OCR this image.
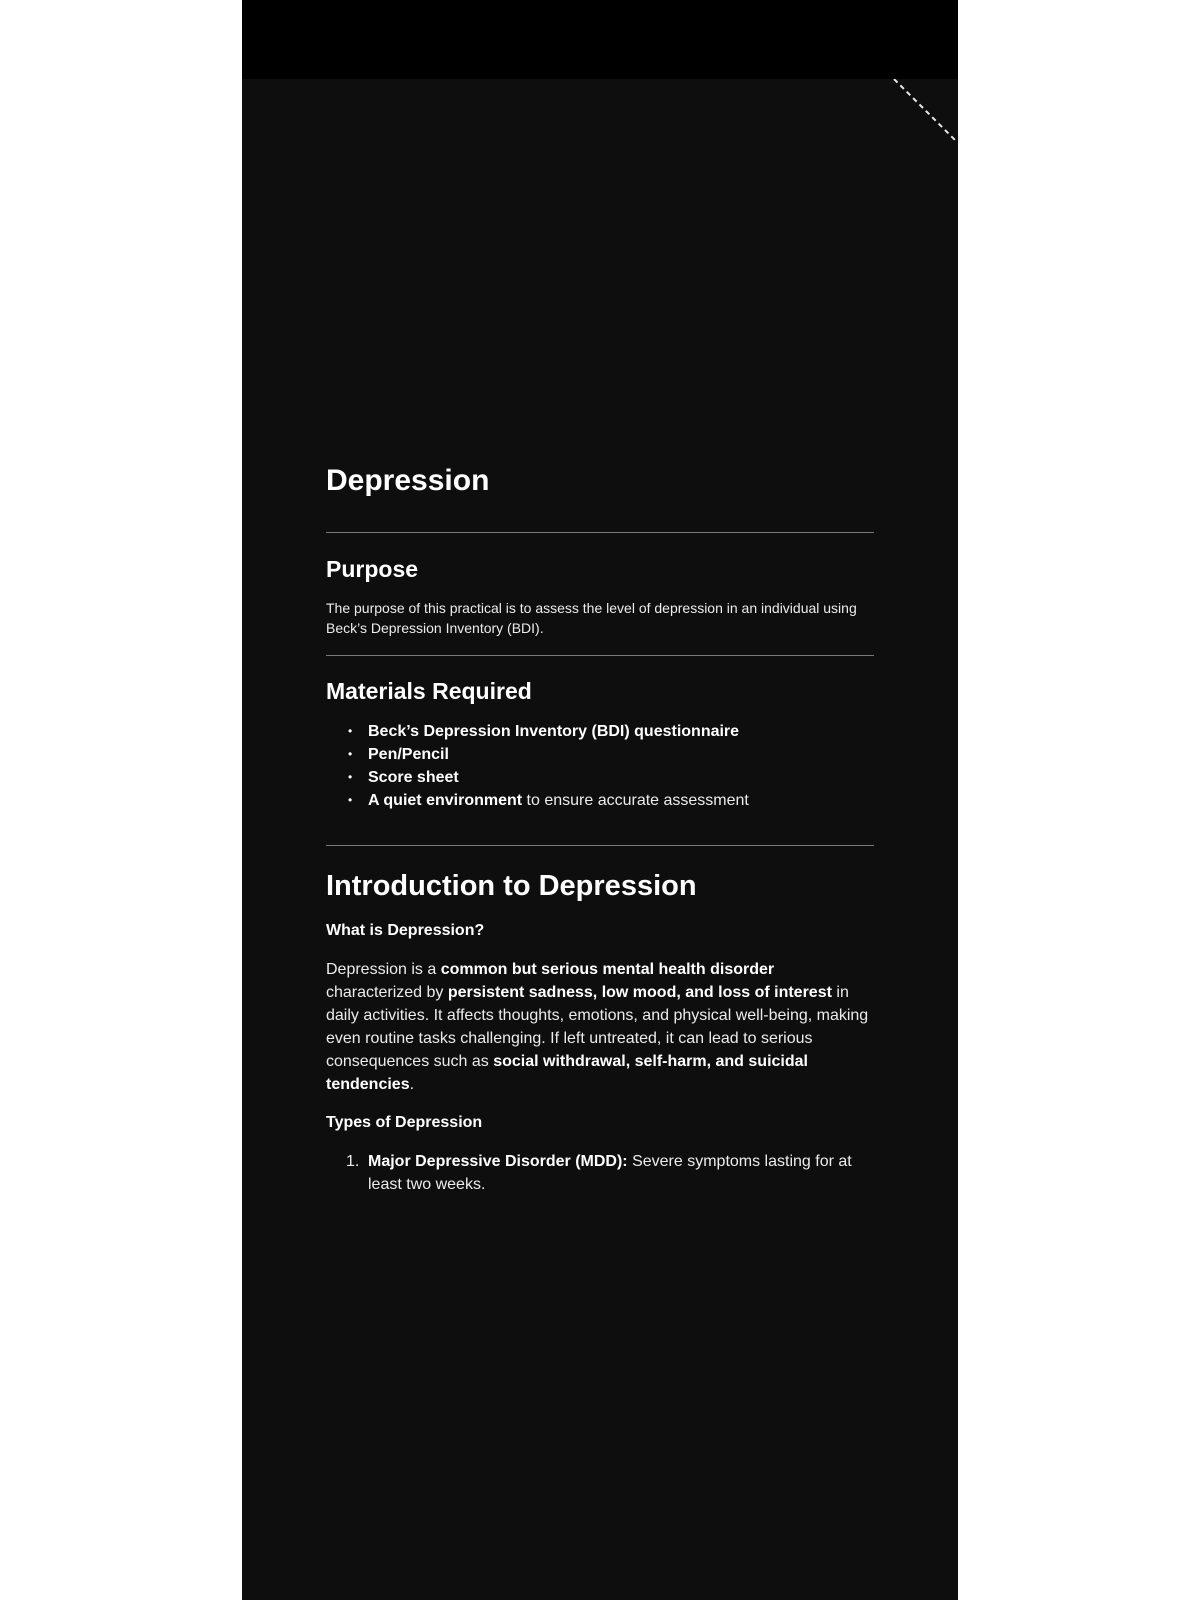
Depression
Purpose

The purpose of this practical is to assess the level of depression in an individual using Beck’s Depression Inventory (BDI).

Materials Required
• Beck’s Depression Inventory (BDI) questionnaire
• Pen/Pencil
• Score sheet
• A quiet environment to ensure accurate assessment
Introduction to Depression
What is Depression?

Depression is a common but serious mental health disorder characterized by persistent sadness, low mood, and loss of interest in daily activities. It affects thoughts, emotions, and physical well-being, making even routine tasks challenging. If left untreated, it can lead to serious consequences such as social withdrawal, self-harm, and suicidal tendencies.

Types of Depression
1. Major Depressive Disorder (MDD): Severe symptoms lasting for at least two weeks.
